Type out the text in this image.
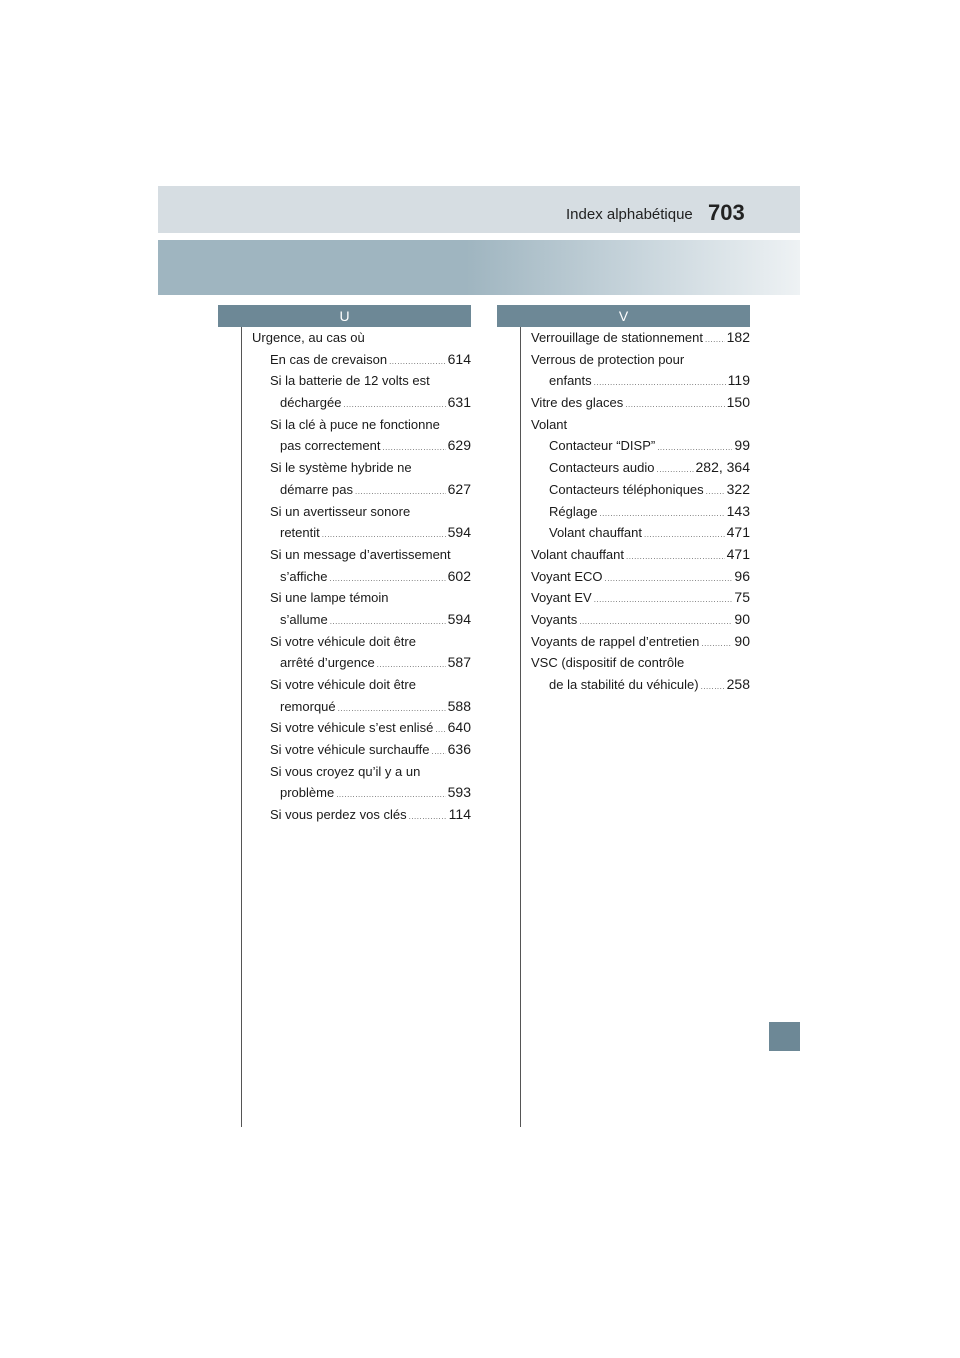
Index alphabétique 703
U	V
Urgence, au cas où
En cas de crevaison .....	614
Si la batterie de 12 volts est
déchargée .....	631
Si la clé à puce ne fonctionne
pas correctement .....	629
Si le système hybride ne
démarre pas .....	627
Si un avertisseur sonore
retentit .....	594
Si un message d’avertissement
s’affiche .....	602
Si une lampe témoin
s’allume .....	594
Si votre véhicule doit être
arrêté d’urgence .....	587
Si votre véhicule doit être
remorqué .....	588
Si votre véhicule s’est enlisé ..... 640
Si votre véhicule surchauffe ..... 636
Si vous croyez qu’il y a un
problème .....	593
Si vous perdez vos clés .....	114
Verrouillage de stationnement ..... 182
Verrous de protection pour
enfants .....	119
Vitre des glaces .....	150
Volant
Contacteur “DISP” .....	99
Contacteurs audio .....	282, 364
Contacteurs téléphoniques ..... 322
Réglage .....	143
Volant chauffant .....	471
Volant chauffant .....	471
Voyant ECO .....	96
Voyant EV .....	75
Voyants .....	90
Voyants de rappel d’entretien .....	90
VSC (dispositif de contrôle
de la stabilité du véhicule) ..... 258
